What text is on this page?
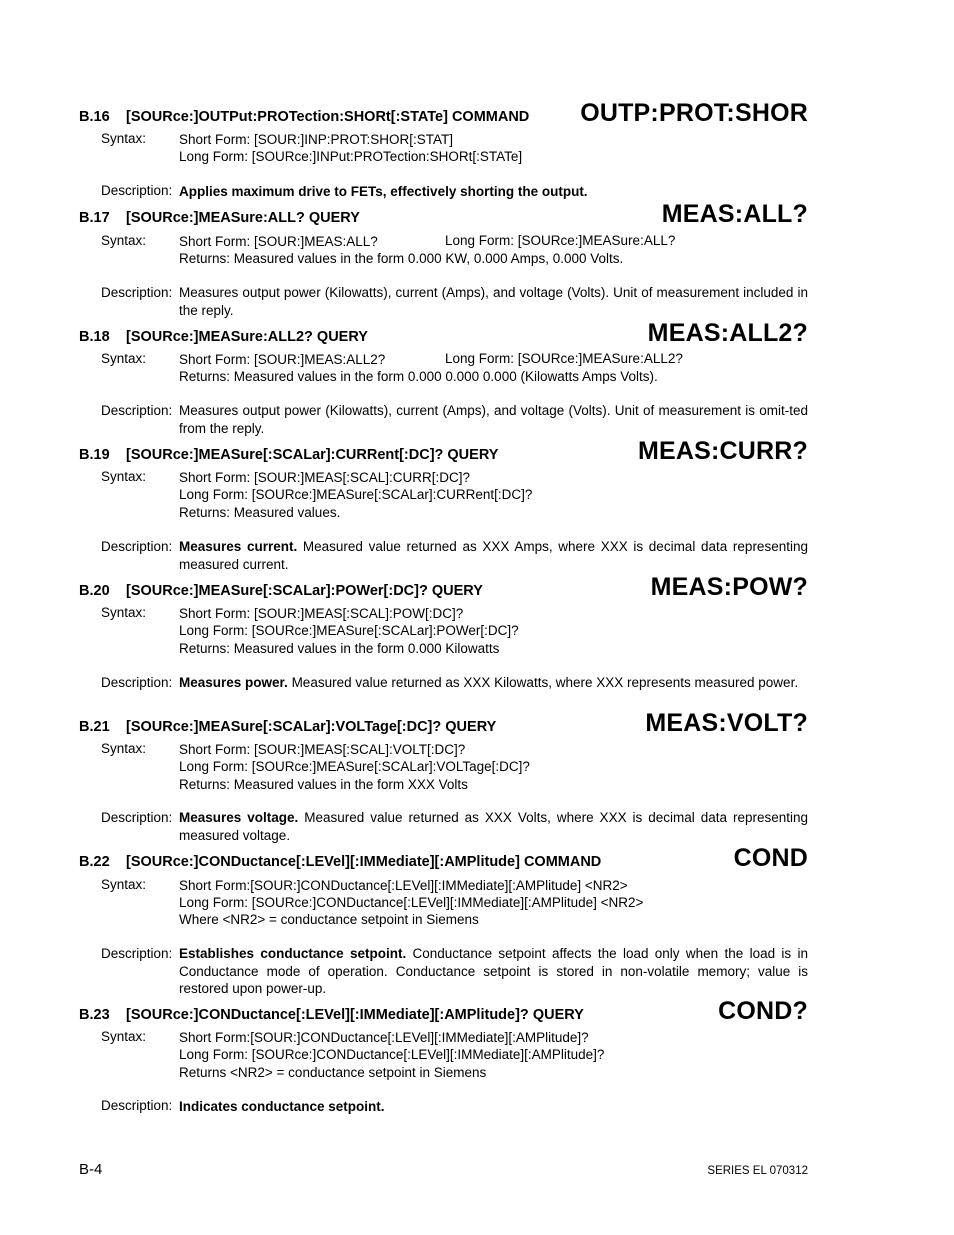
B.16 [SOURce:]OUTPut:PROTection:SHORt[:STATe] COMMAND OUTP:PROT:SHOR
Syntax: Short Form: [SOUR:]INP:PROT:SHOR[:STAT]
Long Form: [SOURce:]INPut:PROTection:SHORt[:STATe]
Description: Applies maximum drive to FETs, effectively shorting the output.
B.17 [SOURce:]MEASure:ALL? QUERY	MEAS:ALL?
Syntax: Short Form: [SOUR:]MEAS:ALL?	Long Form: [SOURce:]MEASure:ALL?
Returns: Measured values in the form 0.000 KW, 0.000 Amps, 0.000 Volts.
Description: Measures output power (Kilowatts), current (Amps), and voltage (Volts). Unit of measurement included in the reply.
B.18 [SOURce:]MEASure:ALL2? QUERY	MEAS:ALL2?
Syntax: Short Form: [SOUR:]MEAS:ALL2?	Long Form: [SOURce:]MEASure:ALL2?
Returns: Measured values in the form 0.000 0.000 0.000 (Kilowatts Amps Volts).
Description: Measures output power (Kilowatts), current (Amps), and voltage (Volts). Unit of measurement is omit-ted from the reply.
B.19 [SOURce:]MEASure[:SCALar]:CURRent[:DC]? QUERY	MEAS:CURR?
Syntax: Short Form: [SOUR:]MEAS[:SCAL]:CURR[:DC]?
Long Form: [SOURce:]MEASure[:SCALar]:CURRent[:DC]?
Returns: Measured values.
Description: Measures current. Measured value returned as XXX Amps, where XXX is decimal data representing measured current.
B.20 [SOURce:]MEASure[:SCALar]:POWer[:DC]? QUERY	MEAS:POW?
Syntax: Short Form: [SOUR:]MEAS[:SCAL]:POW[:DC]?
Long Form: [SOURce:]MEASure[:SCALar]:POWer[:DC]?
Returns: Measured values in the form 0.000 Kilowatts
Description: Measures power. Measured value returned as XXX Kilowatts, where XXX represents measured power.
B.21 [SOURce:]MEASure[:SCALar]:VOLTage[:DC]? QUERY	MEAS:VOLT?
Syntax: Short Form: [SOUR:]MEAS[:SCAL]:VOLT[:DC]?
Long Form: [SOURce:]MEASure[:SCALar]:VOLTage[:DC]?
Returns: Measured values in the form XXX Volts
Description: Measures voltage. Measured value returned as XXX Volts, where XXX is decimal data representing measured voltage.
B.22 [SOURce:]CONDuctance[:LEVel][:IMMediate][:AMPlitude] COMMAND	COND
Syntax: Short Form:[SOUR:]CONDuctance[:LEVel][:IMMediate][:AMPlitude] <NR2>
Long Form: [SOURce:]CONDuctance[:LEVel][:IMMediate][:AMPlitude] <NR2>
Where <NR2> = conductance setpoint in Siemens
Description: Establishes conductance setpoint. Conductance setpoint affects the load only when the load is in Conductance mode of operation. Conductance setpoint is stored in non-volatile memory; value is restored upon power-up.
B.23 [SOURce:]CONDuctance[:LEVel][:IMMediate][:AMPlitude]? QUERY	COND?
Syntax: Short Form:[SOUR:]CONDuctance[:LEVel][:IMMediate][:AMPlitude]?
Long Form: [SOURce:]CONDuctance[:LEVel][:IMMediate][:AMPlitude]?
Returns <NR2> = conductance setpoint in Siemens
Description: Indicates conductance setpoint.
B-4	SERIES EL 070312
